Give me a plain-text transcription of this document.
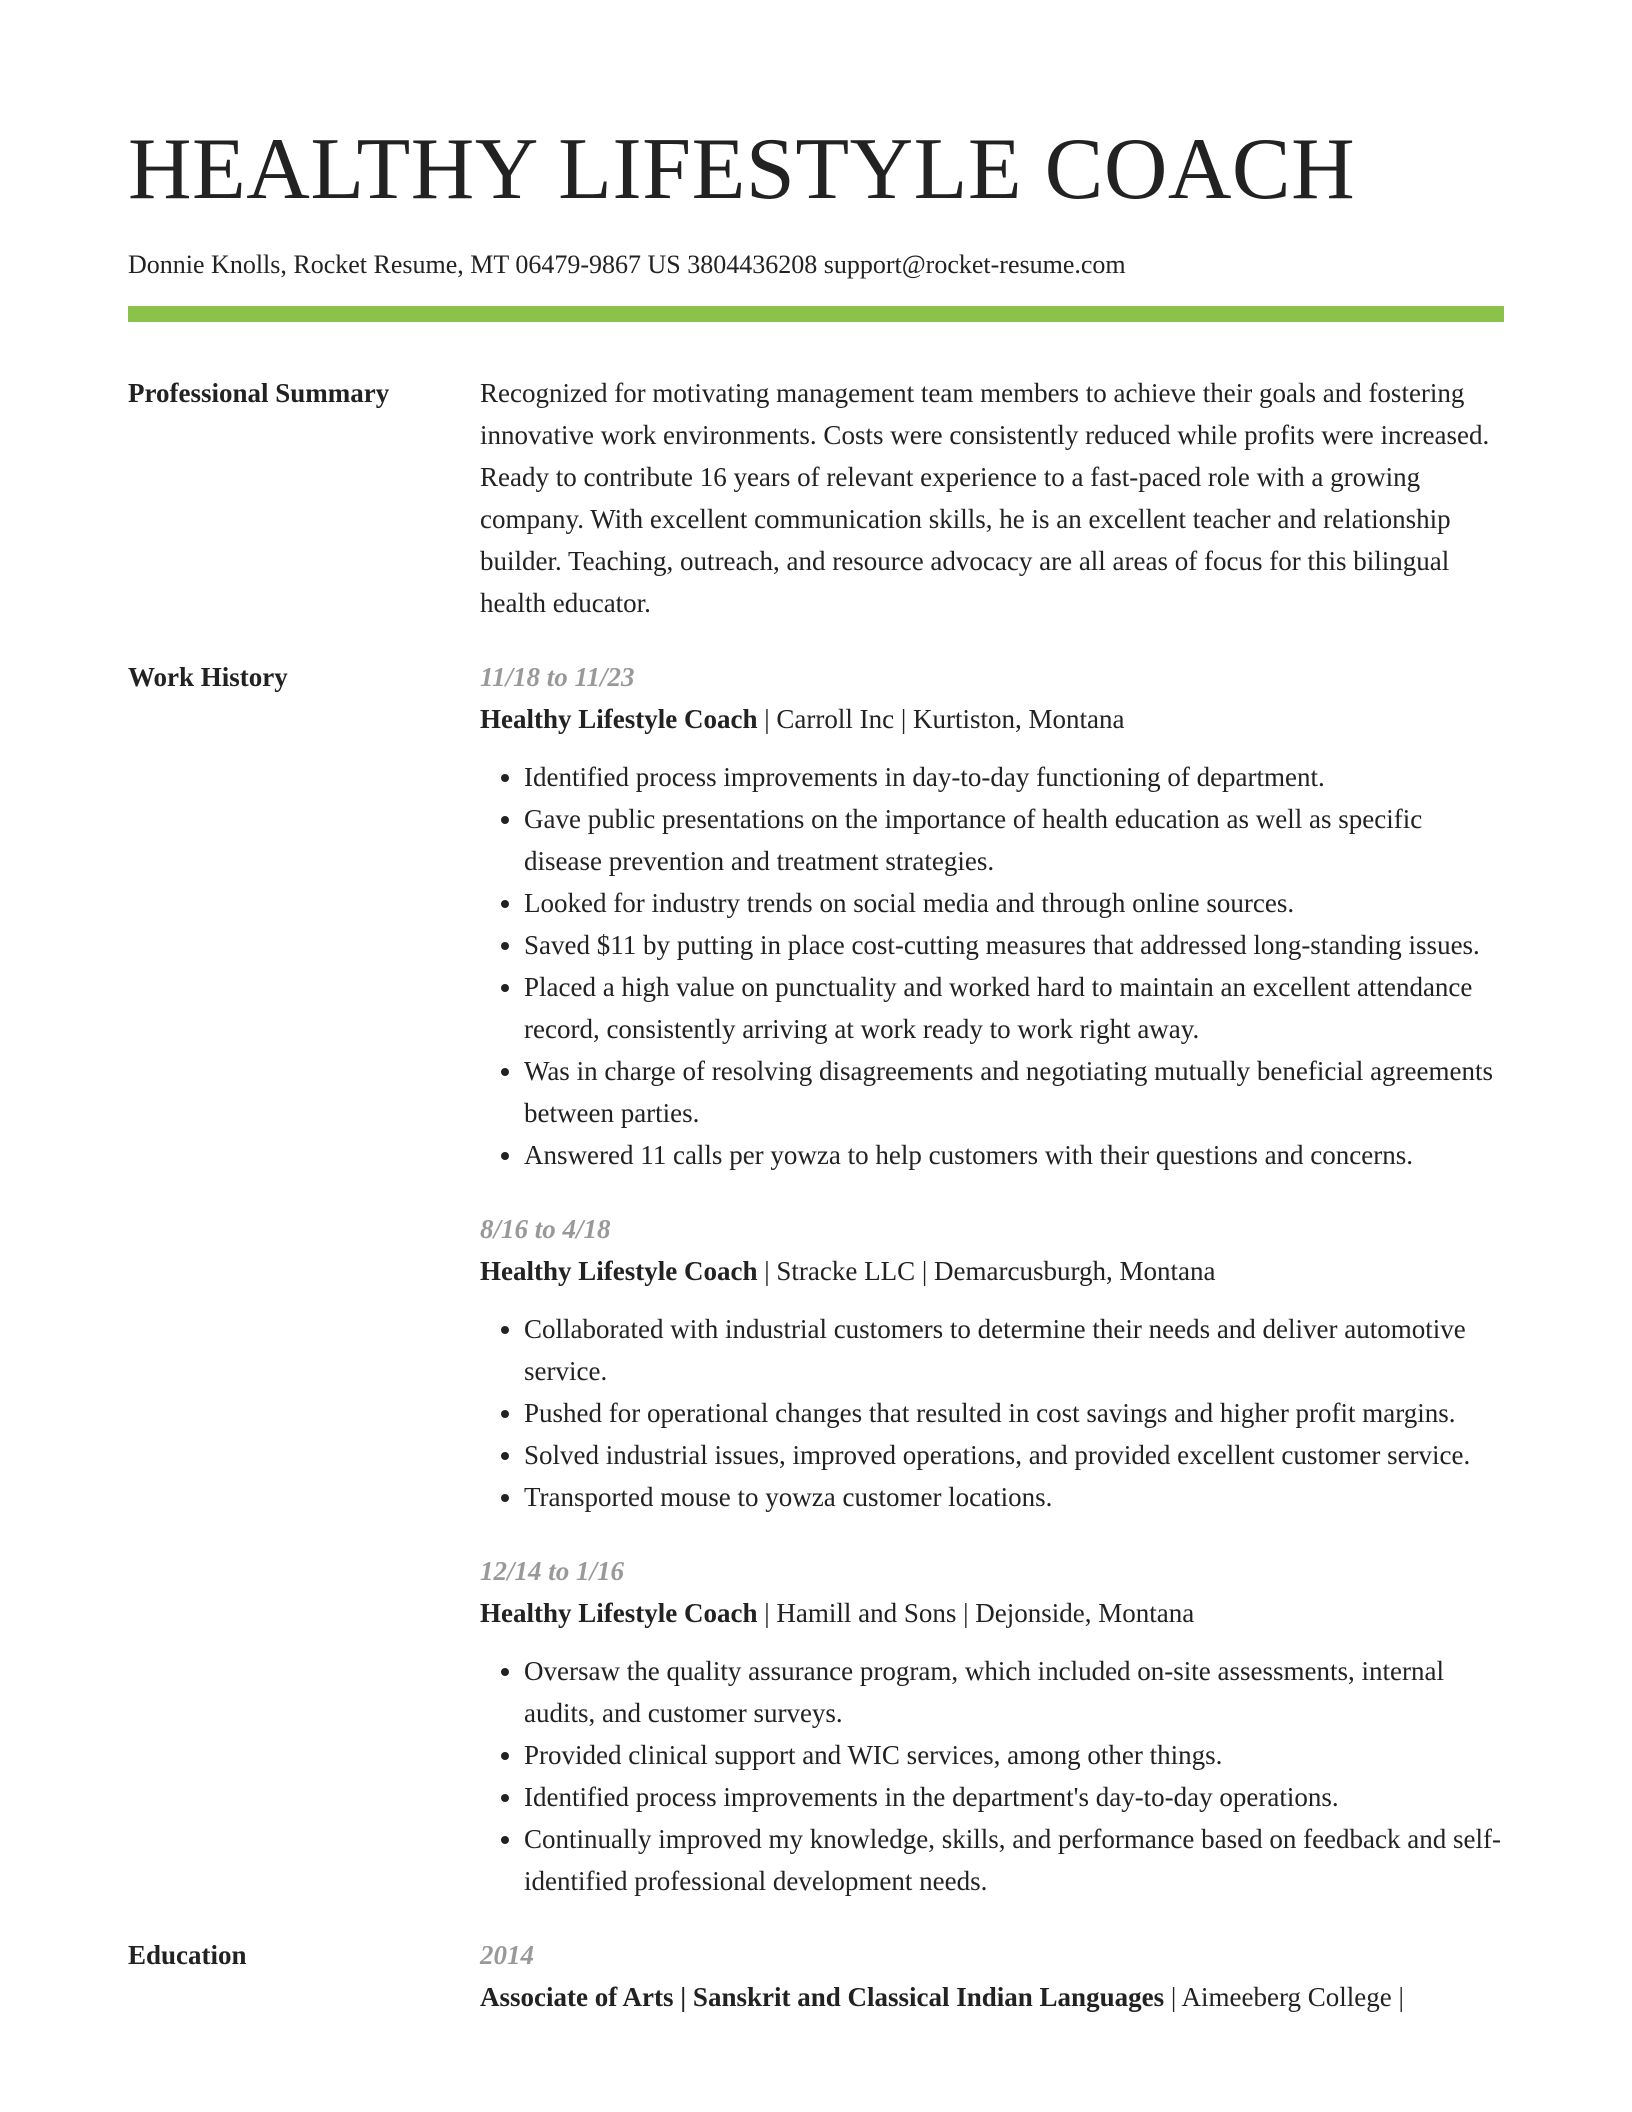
HEALTHY LIFESTYLE COACH
Donnie Knolls, Rocket Resume, MT 06479-9867 US 3804436208 support@rocket-resume.com
Professional Summary	Recognized for motivating management team members to achieve their goals and fostering innovative work environments. Costs were consistently reduced while profits were increased. Ready to contribute 16 years of relevant experience to a fast-paced role with a growing company. With excellent communication skills, he is an excellent teacher and relationship builder. Teaching, outreach, and resource advocacy are all areas of focus for this bilingual health educator.

Work History	11/18 to 11/23
Healthy Lifestyle Coach | Carroll Inc | Kurtiston, Montana
• Identified process improvements in day-to-day functioning of department.
• Gave public presentations on the importance of health education as well as specific disease prevention and treatment strategies.
• Looked for industry trends on social media and through online sources.
• Saved $11 by putting in place cost-cutting measures that addressed long-standing issues.
• Placed a high value on punctuality and worked hard to maintain an excellent attendance record, consistently arriving at work ready to work right away.
• Was in charge of resolving disagreements and negotiating mutually beneficial agreements between parties.
• Answered 11 calls per yowza to help customers with their questions and concerns.
8/16 to 4/18
Healthy Lifestyle Coach | Stracke LLC | Demarcusburgh, Montana
• Collaborated with industrial customers to determine their needs and deliver automotive service.
• Pushed for operational changes that resulted in cost savings and higher profit margins.
• Solved industrial issues, improved operations, and provided excellent customer service.
• Transported mouse to yowza customer locations.
12/14 to 1/16
Healthy Lifestyle Coach | Hamill and Sons | Dejonside, Montana
• Oversaw the quality assurance program, which included on-site assessments, internal audits, and customer surveys.
• Provided clinical support and WIC services, among other things.
• Identified process improvements in the department's day-to-day operations.
• Continually improved my knowledge, skills, and performance based on feedback and self-identified professional development needs.
Education	2014
Associate of Arts | Sanskrit and Classical Indian Languages | Aimeeberg College |
